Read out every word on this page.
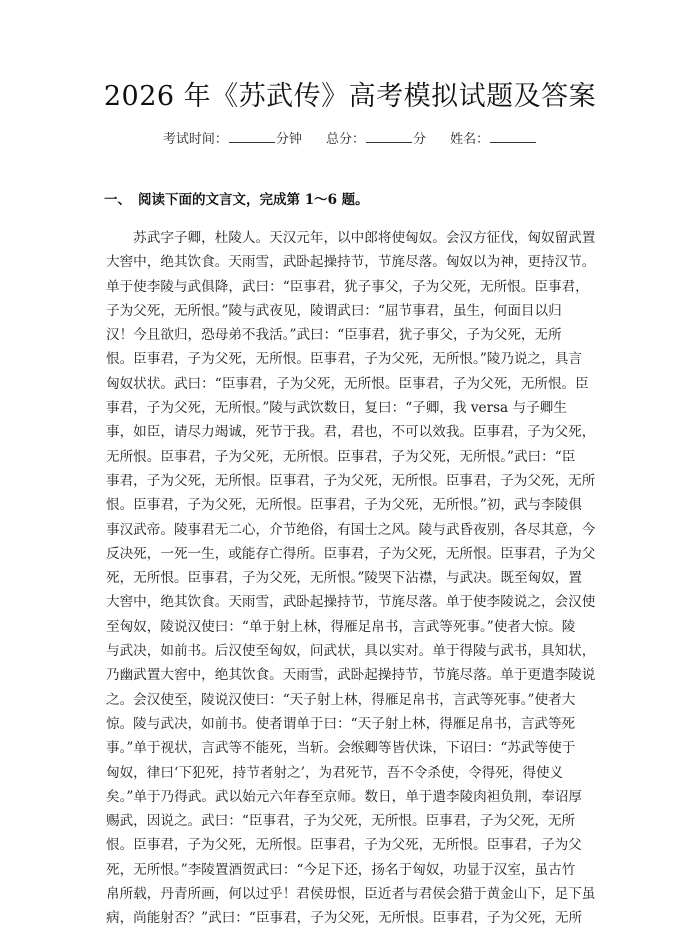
2026 年《苏武传》高考模拟试题及答案
考试时间：	分钟 总分：	分 姓名：
一、 阅读下面的文言文，完成第 1～6 题。
　　苏武字子卿，杜陵人。天汉元年，以中郎将使匈奴。会汉方征伐，匈奴留武置
大窖中，绝其饮食。天雨雪，武卧起操持节，节旄尽落。匈奴以为神，更持汉节。
单于使李陵与武俱降，武曰：“臣事君，犹子事父，子为父死，无所恨。臣事君，
子为父死，无所恨。”陵与武夜见，陵谓武曰：“屈节事君，虽生，何面目以归
汉！今且欲归，恐母弟不我活。”武曰：“臣事君，犹子事父，子为父死，无所
恨。臣事君，子为父死，无所恨。臣事君，子为父死，无所恨。”陵乃说之，具言
匈奴状状。武曰：“臣事君，子为父死，无所恨。臣事君，子为父死，无所恨。臣
事君，子为父死，无所恨。”陵与武饮数日，复曰：“子卿，我 versa 与子卿生
事，如臣，请尽力竭诚，死节于我。君，君也，不可以效我。臣事君，子为父死，
无所恨。臣事君，子为父死，无所恨。臣事君，子为父死，无所恨。”武曰：“臣
事君，子为父死，无所恨。臣事君，子为父死，无所恨。臣事君，子为父死，无所
恨。臣事君，子为父死，无所恨。臣事君，子为父死，无所恨。”初，武与李陵俱
事汉武帝。陵事君无二心，介节绝俗，有国士之风。陵与武昏夜别，各尽其意，今
反决死，一死一生，或能存亡得所。臣事君，子为父死，无所恨。臣事君，子为父
死，无所恨。臣事君，子为父死，无所恨。”陵哭下沾襟，与武决。既至匈奴，置
大窖中，绝其饮食。天雨雪，武卧起操持节，节旄尽落。单于使李陵说之，会汉使
至匈奴，陵说汉使曰：“单于射上林，得雁足帛书，言武等死事。”使者大惊。陵
与武决，如前书。后汉使至匈奴，问武状，具以实对。单于得陵与武书，具知状，
乃幽武置大窖中，绝其饮食。天雨雪，武卧起操持节，节旄尽落。单于更遣李陵说
之。会汉使至，陵说汉使曰：“天子射上林，得雁足帛书，言武等死事。”使者大
惊。陵与武决，如前书。使者谓单于曰：“天子射上林，得雁足帛书，言武等死
事。”单于视状，言武等不能死，当斩。会缑卿等皆伏诛，下诏曰：“苏武等使于
匈奴，律曰‘下犯死，持节者射之’，为君死节，吾不令杀使，令得死，得使义
矣。”单于乃得武。武以始元六年春至京师。数日，单于遣李陵肉袒负荆，奉诏厚
赐武，因说之。武曰：“臣事君，子为父死，无所恨。臣事君，子为父死，无所
恨。臣事君，子为父死，无所恨。臣事君，子为父死，无所恨。臣事君，子为父
死，无所恨。”李陵置酒贺武曰：“今足下还，扬名于匈奴，功显于汉室，虽古竹
帛所载，丹青所画，何以过乎！君侯毋恨，臣近者与君侯会猎于黄金山下，足下虽
病，尚能射否？”武曰：“臣事君，子为父死，无所恨。臣事君，子为父死，无所
